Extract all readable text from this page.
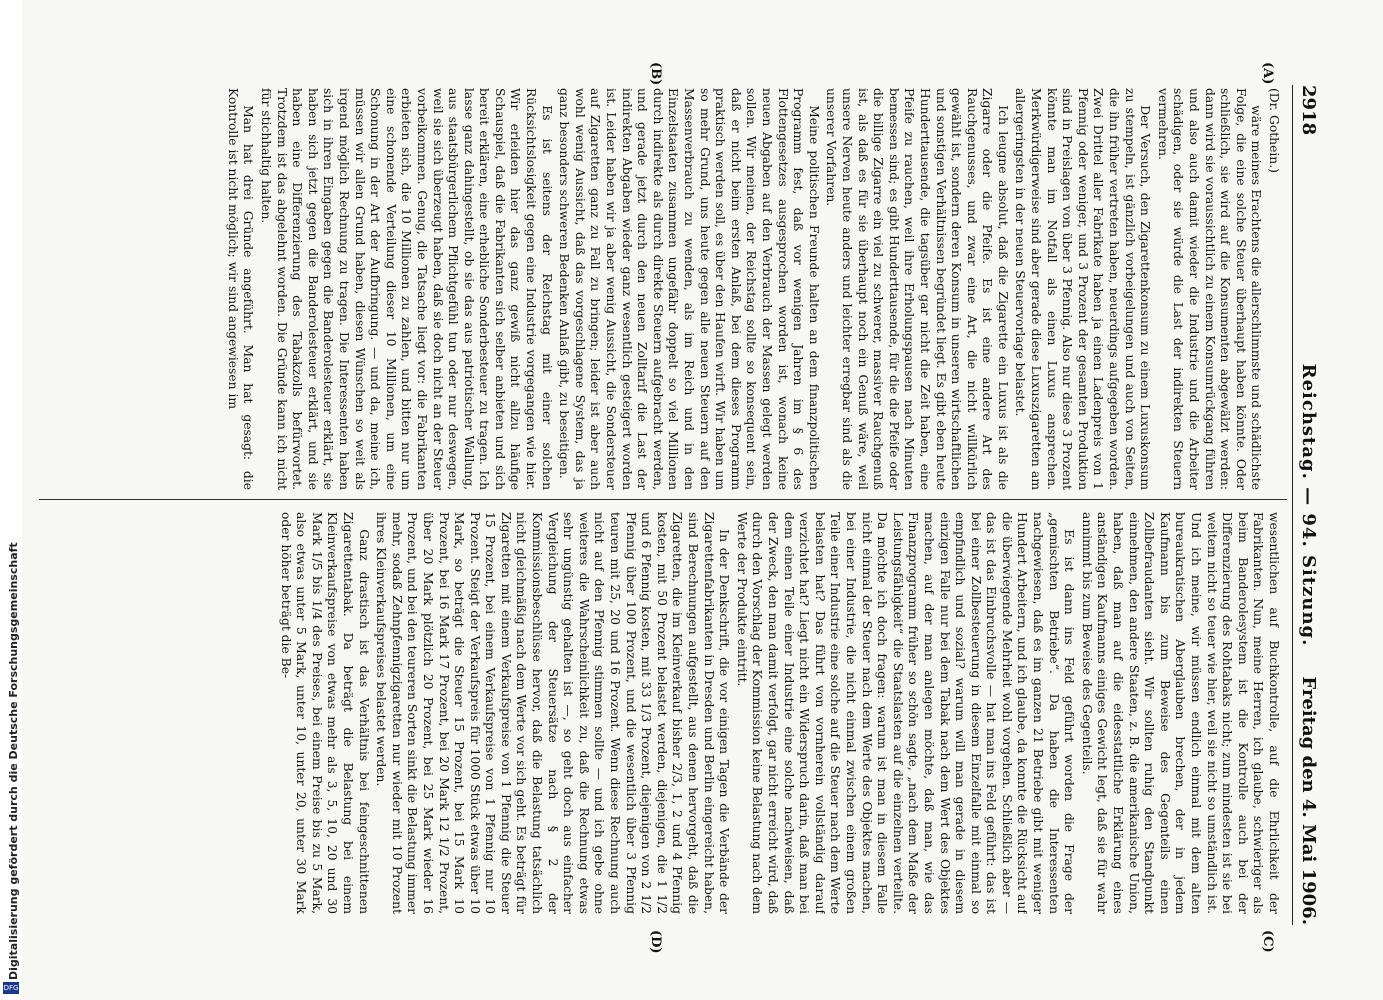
2918
Reichstag. — 94. Sitzung.
Freitag den 4. Mai 1906.
(A)
(B)
(C)
(D)

(Dr. Gothein.)

wäre meines Erachtens die allerschlimmste und schädlichste Folge, die eine solche Steuer überhaupt haben könnte. Oder schließlich, sie wird auf die Konsumenten abgewälzt werden: dann wird sie voraussichtlich zu einem Konsumrückgang führen und also auch damit wieder die Industrie und die Arbeiter schädigen, oder sie würde die Last der indirekten Steuern vermehren.

Der Versuch, den Zigarettenkonsum zu einem Luxuskonsum zu stempeln, ist gänzlich vorbeigelungen und auch von Seiten, die ihn früher vertreten haben, neuerdings aufgegeben worden. Zwei Drittel aller Fabrikate haben ja einen Ladenpreis von 1 Pfennig oder weniger, und 3 Prozent der gesamten Produktion sind in Preislagen von über 3 Pfennig. Also nur diese 3 Prozent könnte man im Notfall als einen Luxus ansprechen. Merkwürdigerweise sind aber gerade diese Luxuszigaretten am allergeringsten in der neuen Steuervorlage belastet.

Ich leugne absolut, daß die Zigarette ein Luxus ist als die Zigarre oder die Pfeife. Es ist eine andere Art des Rauchgenusses, und zwar eine Art, die nicht willkürlich gewählt ist, sondern deren Konsum in unseren wirtschaftlichen und sonstigen Verhältnissen begründet liegt. Es gibt eben heute Hunderttausende, die tagsüber gar nicht die Zeit haben, eine Pfeife zu rauchen, weil ihre Erholungspausen nach Minuten bemessen sind; es gibt Hunderttausende, für die die Pfeife oder die billige Zigarre ein viel zu schwerer, massiver Rauchgenuß ist, als daß es für sie überhaupt noch ein Genuß wäre, weil unsere Nerven heute anders und leichter erregbar sind als die unserer Vorfahren.

Meine politischen Freunde halten an dem finanzpolitischen Programm fest, daß vor wenigen Jahren im § 6 des Flottengesetzes ausgesprochen worden ist, wonach keine neuen Abgaben auf den Verbrauch der Massen gelegt werden sollen. Wir meinen, der Reichstag sollte so konsequent sein, daß er nicht beim ersten Anlaß, bei dem dieses Programm praktisch werden soll, es über den Haufen wirft. Wir haben um so mehr Grund, uns heute gegen alle neuen Steuern auf den Massenverbrauch zu wenden, als im Reich und in den Einzelstaaten zusammen ungefähr doppelt so viel Millionen durch indirekte als durch direkte Steuern aufgebracht werden, und gerade jetzt durch den neuen Zolltarif die Last der indirekten Abgaben wieder ganz wesentlich gesteigert worden ist. Leider haben wir ja aber wenig Aussicht, die Sondersteuer auf Zigaretten ganz zu Fall zu bringen; leider ist aber auch wohl wenig Aussicht, daß das vorgeschlagene System, das ja ganz besonders schweren Bedenken Anlaß gibt, zu beseitigen.

Es ist seitens der Reichstag mit einer solchen Rücksichtslosigkeit gegen eine Industrie vorgegangen wie hier. Wir erleiden hier das ganz gewiß nicht allzu häufige Schauspiel, daß die Fabrikanten sich selber anbieten und sich bereit erklären, eine erhebliche Sonderbesteuer zu tragen. Ich lasse ganz dahingestellt, ob sie das aus patriotischer Wallung, aus staatsbürgerlichem Pflichtgefühl tun oder nur deswegen, weil sie sich überzeugt haben, daß sie doch nicht an der Steuer vorbeikommen. Genug, die Tatsache liegt vor: die Fabrikanten erbieten sich, die 10 Millionen zu zahlen, und bitten nur um eine schonende Verteilung dieser 10 Millionen, um eine Schonung in der Art der Aufbringung. — und da, meine ich, müssen wir allen Grund haben, diesen Wünschen so weit als irgend möglich Rechnung zu tragen. Die Interessenten haben sich in ihren Eingaben gegen die Banderolesteuer erklärt, sie haben sich jetzt gegen die Banderolesteuer erklärt, und sie haben eine Differenzierung des Tabakzolls befürwortet. Trotzdem ist das abgelehnt worden. Die Gründe kann ich nicht für stichhaltig halten.

Man hat drei Gründe angeführt. Man hat gesagt: die Kontrolle ist nicht möglich; wir sind angewiesen im

wesentlichen auf Buchkontrolle, auf die Ehrlichkeit der Fabrikanten. Nun, meine Herren, ich glaube, schwieriger als beim Banderolesystem ist die Kontrolle auch bei der Differenzierung des Rohtabaks nicht; zum mindesten ist sie bei weitem nicht so teuer wie hier, weil sie nicht so umständlich ist. Und ich meine, wir müssen endlich einmal mit dem alten bureaukratischen Aberglauben brechen, der in jedem Kaufmann bis zum Beweise des Gegenteils einen Zollbefraudanten sieht. Wir sollten ruhig den Standpunkt einnehmen, den andere Staaten, z. B. die amerikanische Union, haben, daß man auf die eidesstattliche Erklärung eines anständigen Kaufmanns einiges Gewicht legt, daß sie für wahr annimmt bis zum Beweise des Gegenteils.

Es ist dann ins Feld geführt worden die Frage der „gemischten Betriebe“. Da haben die Interessenten nachgewiesen, daß es im ganzen 21 Betriebe gibt mit weniger Hundert Arbeitern, und ich glaube, da konnte die Rücksicht auf die überwiegende Mehrheit wohl vorgehen. Schließlich aber — das ist das Einbruchsvolle — hat man ins Feld geführt: das ist bei einer Zollbesteuerung in diesem Einzelfalle mit einmal so empfindlich und sozial? warum will man gerade in diesem einzigen Falle nur bei dem Tabak nach dem Wert des Objektes machen, auf der man anlegen möchte, daß man, wie das Finanzprogramm früher so schön sagte, „nach dem Maße der Leistungsfähigkeit“ die Staatslasten auf die einzelnen verteilte. Da möchte ich doch fragen: warum ist man in diesem Falle nicht einmal der Steuer nach dem Werte des Objektes machen, bei einer Industrie, die nicht einmal zwischen einem großen Teile einer Industrie eine solche auf die Steuer nach dem Werte belasten hat? Das führt von vornherein vollständig darauf verzichtet hat? Liegt nicht ein Widerspruch darin, daß man bei dem einen Teile einer Industrie eine solche nachweisen, daß der Zweck, den man damit verfolgt, gar nicht erreicht wird, daß durch den Vorschlag der Kommission keine Belastung nach dem Werte der Produkte eintritt.

In der Denkschrift, die vor einigen Tagen die Verbände der Zigarettenfabrikanten in Dresden und Berlin eingereicht haben, sind Berechnungen aufgestellt, aus denen hervorgeht, daß die Zigaretten, die im Kleinverkauf bisher 2/3, 1, 2 und 4 Pfennig kosten, mit 50 Prozent belastet werden, diejenigen, die 1 1/2 und 6 Pfennig kosten, mit 33 1/3 Prozent, diejenigen von 2 1/2 Pfennig über 100 Prozent, und die wesentlich über 3 Pfennig teuren mit 25, 20 und 16 Prozent. Wenn diese Rechnung auch nicht auf den Pfennig stimmen sollte — und ich gebe ohne weiteres die Wahrscheinlichkeit zu, daß die Rechnung etwas sehr ungünstig gehalten ist —, so geht doch aus einfacher Vergleichung der Steuersätze nach § 2 der Kommissionsbeschlüsse hervor, daß die Belastung tatsächlich nicht gleichmäßig nach dem Werte vor sich geht. Es beträgt für Zigaretten mit einem Verkaufspreise von 1 Pfennig die Steuer 15 Prozent, bei einem Verkaufspreise von 1 Pfennig nur 10 Prozent. Steigt der Verkaufspreis für 1000 Stück etwas über 10 Mark, so beträgt die Steuer 15 Prozent, bei 15 Mark 10 Prozent, bei 16 Mark 17 Prozent, bei 20 Mark 12 1/2 Prozent, über 20 Mark plötzlich 20 Prozent, bei 25 Mark wieder 16 Prozent, und bei den teureren Sorten sinkt die Belastung immer mehr, sodaß Zehnpfennigzigaretten nur wieder mit 10 Prozent ihres Kleinverkaufspreises belastet werden.

Ganz drastisch ist das Verhältnis bei feingeschnittenen Zigarettentabak. Da beträgt die Belastung bei einem Kleinverkaufspreise von etwas mehr als 3, 5, 10, 20 und 30 Mark 1/5 bis 1/4 des Preises, bei einem Preise bis zu 5 Mark, also etwas unter 5 Mark, unter 10, unter 20, unter 30 Mark oder höher beträgt die Be-

Digitalisierung gefördert durch die Deutsche Forschungsgemeinschaft
DFG
